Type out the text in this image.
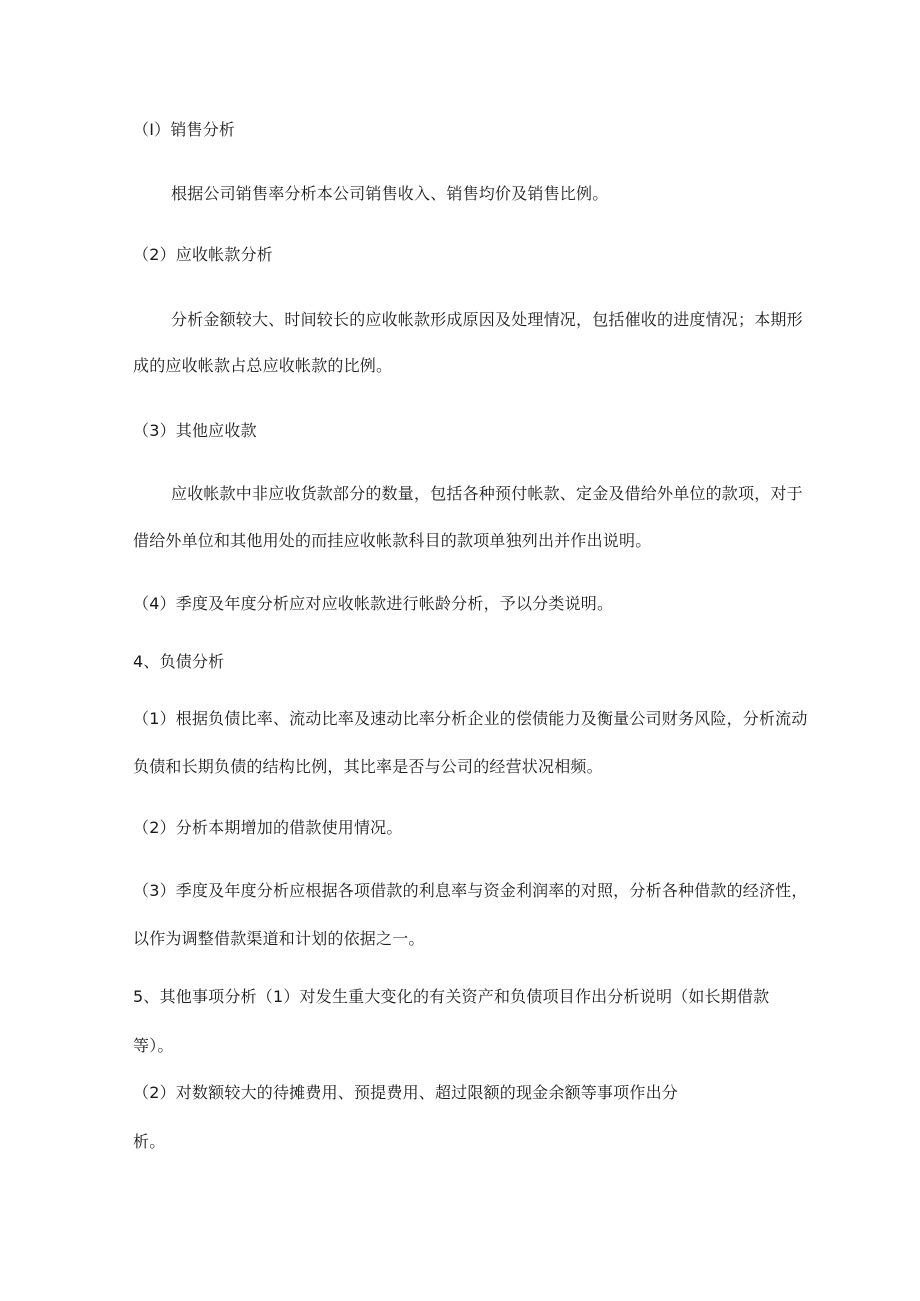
（I）销售分析
根据公司销售率分析本公司销售收入、销售均价及销售比例。
（2）应收帐款分析
分析金额较大、时间较长的应收帐款形成原因及处理情况，包括催收的进度情况；本期形
成的应收帐款占总应收帐款的比例。
（3）其他应收款
应收帐款中非应收货款部分的数量，包括各种预付帐款、定金及借给外单位的款项，对于
借给外单位和其他用处的而挂应收帐款科目的款项单独列出并作出说明。
（4）季度及年度分析应对应收帐款进行帐龄分析，予以分类说明。
4、负债分析
（1）根据负债比率、流动比率及速动比率分析企业的偿债能力及衡量公司财务风险，分析流动
负债和长期负债的结构比例，其比率是否与公司的经营状况相频。
（2）分析本期增加的借款使用情况。
（3）季度及年度分析应根据各项借款的利息率与资金利润率的对照，分析各种借款的经济性，
以作为调整借款渠道和计划的依据之一。
5、其他事项分析（1）对发生重大变化的有关资产和负债项目作出分析说明（如长期借款
等）。
（2）对数额较大的待摊费用、预提费用、超过限额的现金余额等事项作出分
析。
